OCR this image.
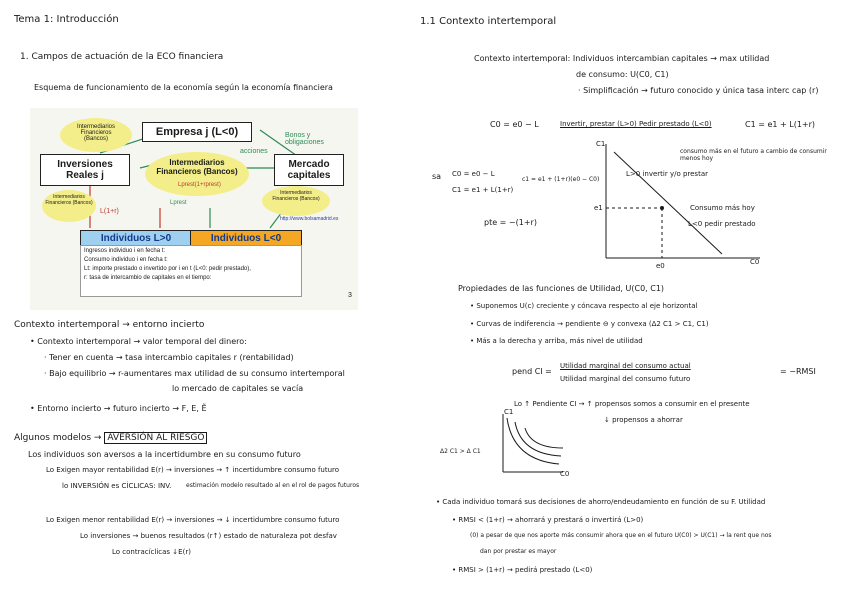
Tema 1: Introducción
1. Campos de actuación de la ECO financiera
Esquema de funcionamiento de la economía según la economía financiera
Intermediarios Financieros (Bancos)
Empresa j (L<0)	Bonos y obligaciones
acciones
Inversiones Reales j
Intermediarios Financieros (Bancos)
Mercado capitales
Intermediarios Financieros (Bancos)
Intermediarios Financieros (Bancos)
Lprest(1+rprest)
Lprest
L(1+r)
http://www.bolsamadrid.es
Individuos L>0	Individuos L<0
Ingresos individuo i en fecha t:
Consumo individuo i en fecha t:
Lt: importe prestado o invertido por i en t (L<0: pedir prestado),
r: tasa de intercambio de capitales en el tiempo:
3
Contexto intertemporal → entorno incierto
• Contexto intertemporal → valor temporal del dinero:
· Tener en cuenta → tasa intercambio capitales r (rentabilidad)
· Bajo equilibrio → r-aumentares max utilidad de su consumo intertemporal
lo mercado de capitales se vacía
• Entorno incierto → futuro incierto → F, E, Ẽ
Algunos modelos → AVERSIÓN AL RIESGO
Los individuos son aversos a la incertidumbre en su consumo futuro
Lo Exigen mayor rentabilidad E(r) → inversiones → ↑ incertidumbre consumo futuro
lo INVERSIÓN es CÍCLICAS: INV. estimación modelo resultado al en el rol de pagos futuros
Lo Exigen menor rentabilidad E(r) → inversiones → ↓ incertidumbre consumo futuro
Lo inversiones → buenos resultados (r↑) estado de naturaleza pot desfav
Lo contracíclicas ↓E(r)
1.1 Contexto intertemporal
Contexto intertemporal: Individuos intercambian capitales → max utilidad
de consumo: U(C0, C1)
· Simplificación → futuro conocido y única tasa interc cap (r)
C0 = e0 − L	Invertir, prestar (L>0) Pedir prestado (L<0)	C1 = e1 + L(1+r)
sa C0 = e0 − L
C1 = e1 + L(1+r)
c1 = e1 + (1+r)(e0 − C0)
pte = −(1+r)
C1
C0
e1
e0
L>0 invertir y/o prestar
L<0 pedir prestado
consumo más en el futuro a cambio de consumir menos hoy
Consumo más hoy
Propiedades de las funciones de Utilidad, U(C0, C1)
• Suponemos U(c) creciente y cóncava respecto al eje horizontal
• Curvas de indiferencia → pendiente ⊖ y convexa (Δ2 C1 > C1, C1)
• Más a la derecha y arriba, más nivel de utilidad
pend CI =
Utilidad marginal del consumo actual
Utilidad marginal del consumo futuro
= −RMSI
Lo ↑ Pendiente CI → ↑ propensos somos a consumir en el presente
↓ propensos a ahorrar
C1
C0
Δ2 C1 > Δ C1
• Cada individuo tomará sus decisiones de ahorro/endeudamiento en función de su F. Utilidad
• RMSI < (1+r) → ahorrará y prestará o invertirá (L>0)
(0) a pesar de que nos aporte más consumir ahora que en el futuro U(C0) > U(C1) → la rent que nos
dan por prestar es mayor
• RMSI > (1+r) → pedirá prestado (L<0)
